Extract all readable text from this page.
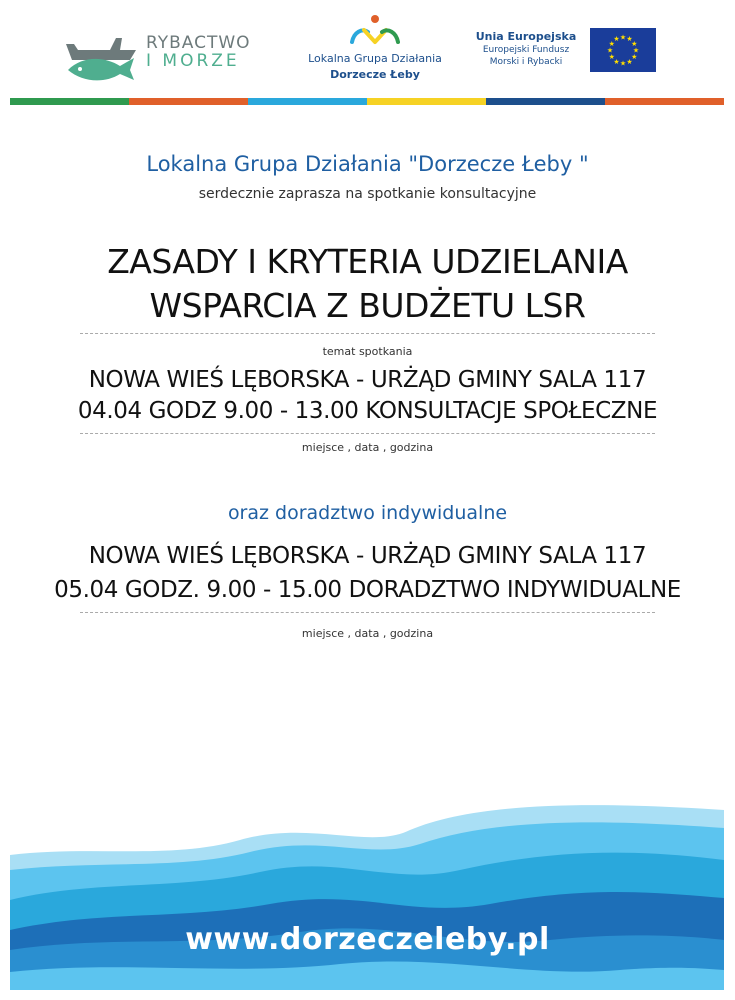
RYBACTWO
I MORZE	Lokalna Grupa Działania
Dorzecze Łeby
Unia Europejska
Europejski Fundusz
Morski i Rybacki
★
★
★
★
★
★
★
★
★ ★ ★
★
Lokalna Grupa Działania "Dorzecze Łeby "
serdecznie zaprasza na spotkanie konsultacyjne
ZASADY I KRYTERIA UDZIELANIA
WSPARCIA Z BUDŻETU LSR
temat spotkania
NOWA WIEŚ LĘBORSKA - URŻĄD GMINY SALA 117
04.04 GODZ 9.00 - 13.00 KONSULTACJE SPOŁECZNE
miejsce , data , godzina
oraz doradztwo indywidualne
NOWA WIEŚ LĘBORSKA - URŻĄD GMINY SALA 117
05.04 GODZ. 9.00 - 15.00 DORADZTWO INDYWIDUALNE
miejsce , data , godzina
www.dorzeczeleby.pl
